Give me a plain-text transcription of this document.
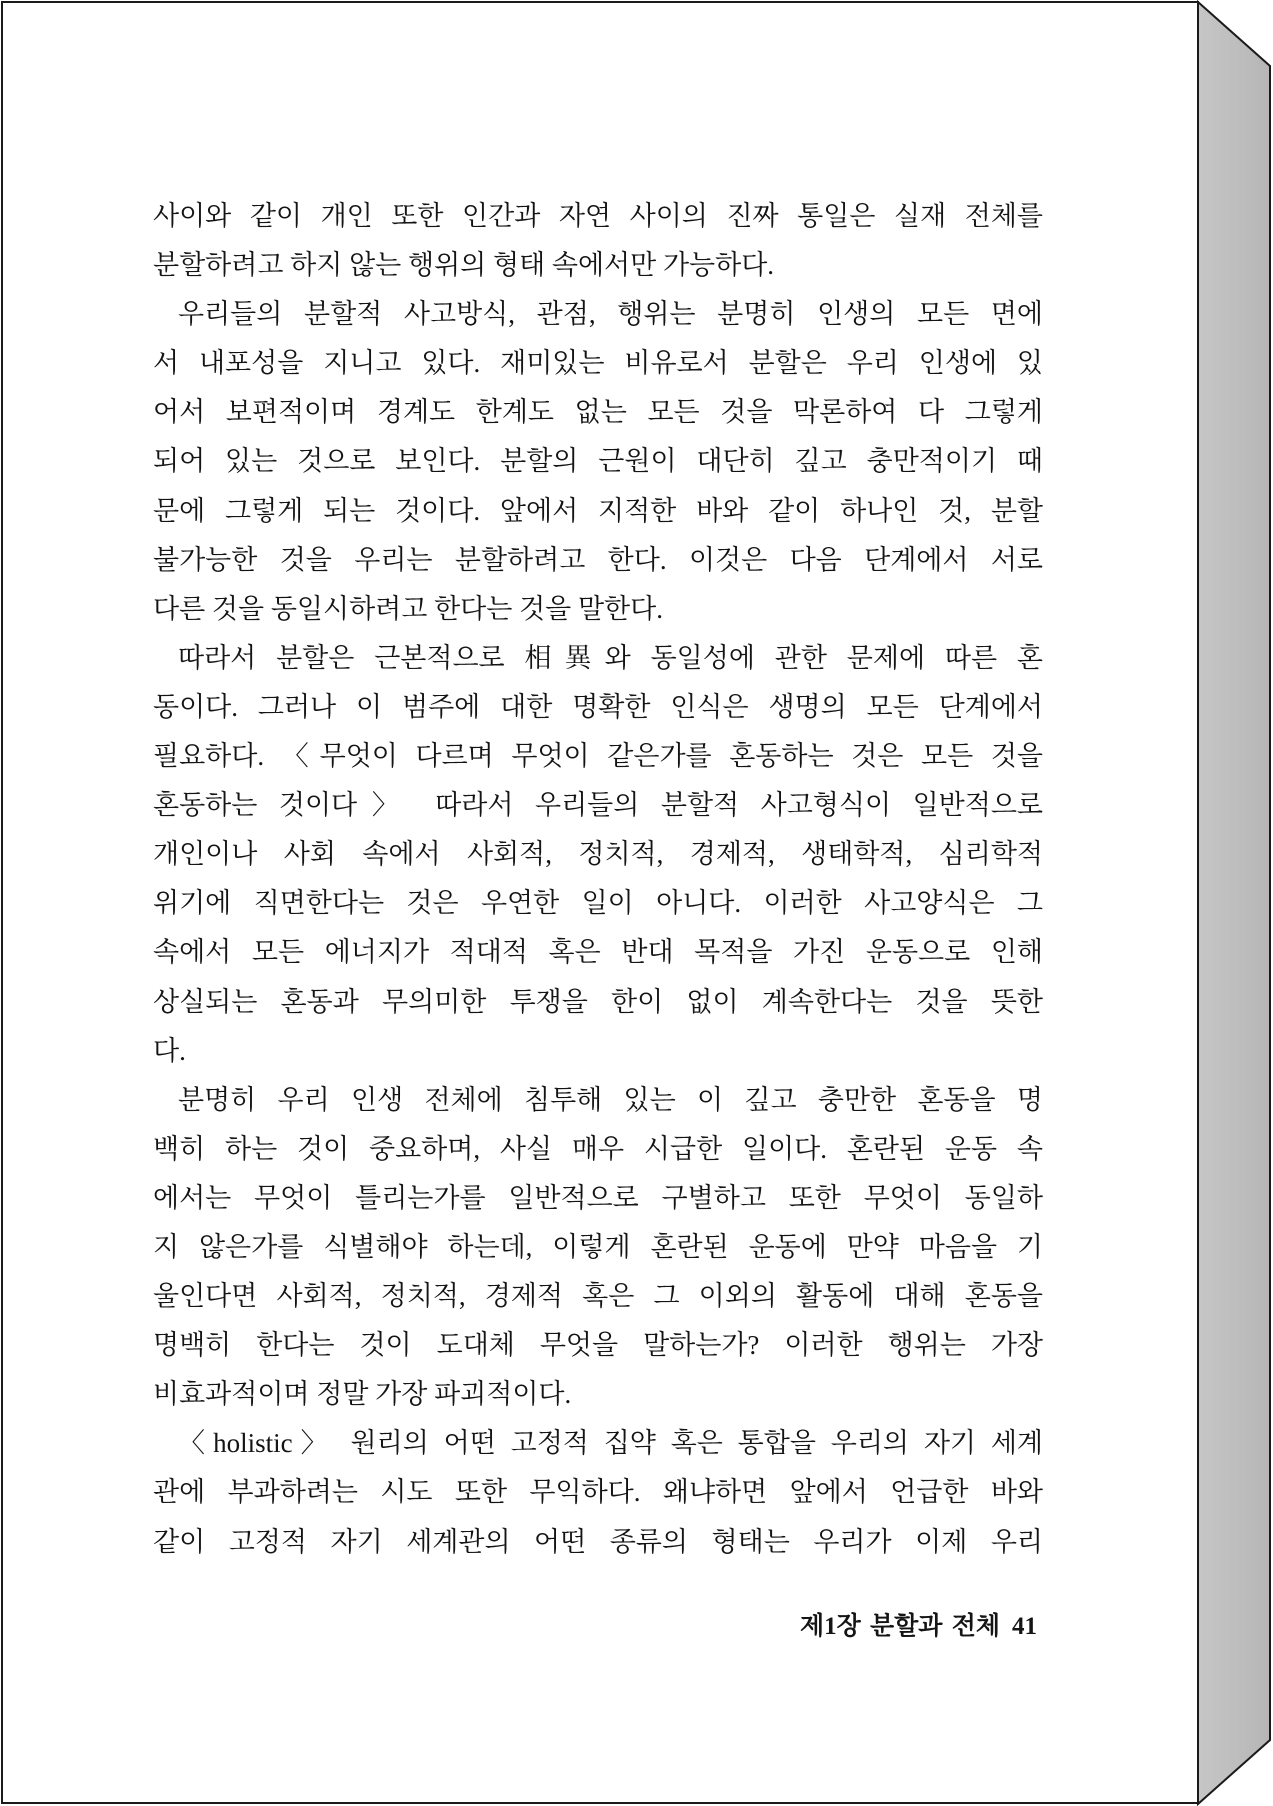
사이와 같이 개인 또한 인간과 자연 사이의 진짜 통일은 실재 전체를
분할하려고 하지 않는 행위의 형태 속에서만 가능하다.
우리들의 분할적 사고방식, 관점, 행위는 분명히 인생의 모든 면에
서 내포성을 지니고 있다. 재미있는 비유로서 분할은 우리 인생에 있
어서 보편적이며 경계도 한계도 없는 모든 것을 막론하여 다 그렇게
되어 있는 것으로 보인다. 분할의 근원이 대단히 깊고 충만적이기 때
문에 그렇게 되는 것이다. 앞에서 지적한 바와 같이 하나인 것, 분할
불가능한 것을 우리는 분할하려고 한다. 이것은 다음 단계에서 서로
다른 것을 동일시하려고 한다는 것을 말한다.
따라서 분할은 근본적으로 相異와 동일성에 관한 문제에 따른 혼
동이다. 그러나 이 범주에 대한 명확한 인식은 생명의 모든 단계에서
필요하다. 〈무엇이 다르며 무엇이 같은가를 혼동하는 것은 모든 것을
혼동하는 것이다〉 따라서 우리들의 분할적 사고형식이 일반적으로
개인이나 사회 속에서 사회적, 정치적, 경제적, 생태학적, 심리학적
위기에 직면한다는 것은 우연한 일이 아니다. 이러한 사고양식은 그
속에서 모든 에너지가 적대적 혹은 반대 목적을 가진 운동으로 인해
상실되는 혼동과 무의미한 투쟁을 한이 없이 계속한다는 것을 뜻한
다.
분명히 우리 인생 전체에 침투해 있는 이 깊고 충만한 혼동을 명
백히 하는 것이 중요하며, 사실 매우 시급한 일이다. 혼란된 운동 속
에서는 무엇이 틀리는가를 일반적으로 구별하고 또한 무엇이 동일하
지 않은가를 식별해야 하는데, 이렇게 혼란된 운동에 만약 마음을 기
울인다면 사회적, 정치적, 경제적 혹은 그 이외의 활동에 대해 혼동을
명백히 한다는 것이 도대체 무엇을 말하는가? 이러한 행위는 가장
비효과적이며 정말 가장 파괴적이다.
〈holistic〉 원리의 어떤 고정적 집약 혹은 통합을 우리의 자기 세계
관에 부과하려는 시도 또한 무익하다. 왜냐하면 앞에서 언급한 바와
같이 고정적 자기 세계관의 어떤 종류의 형태는 우리가 이제 우리
제1장 분할과 전체 41
